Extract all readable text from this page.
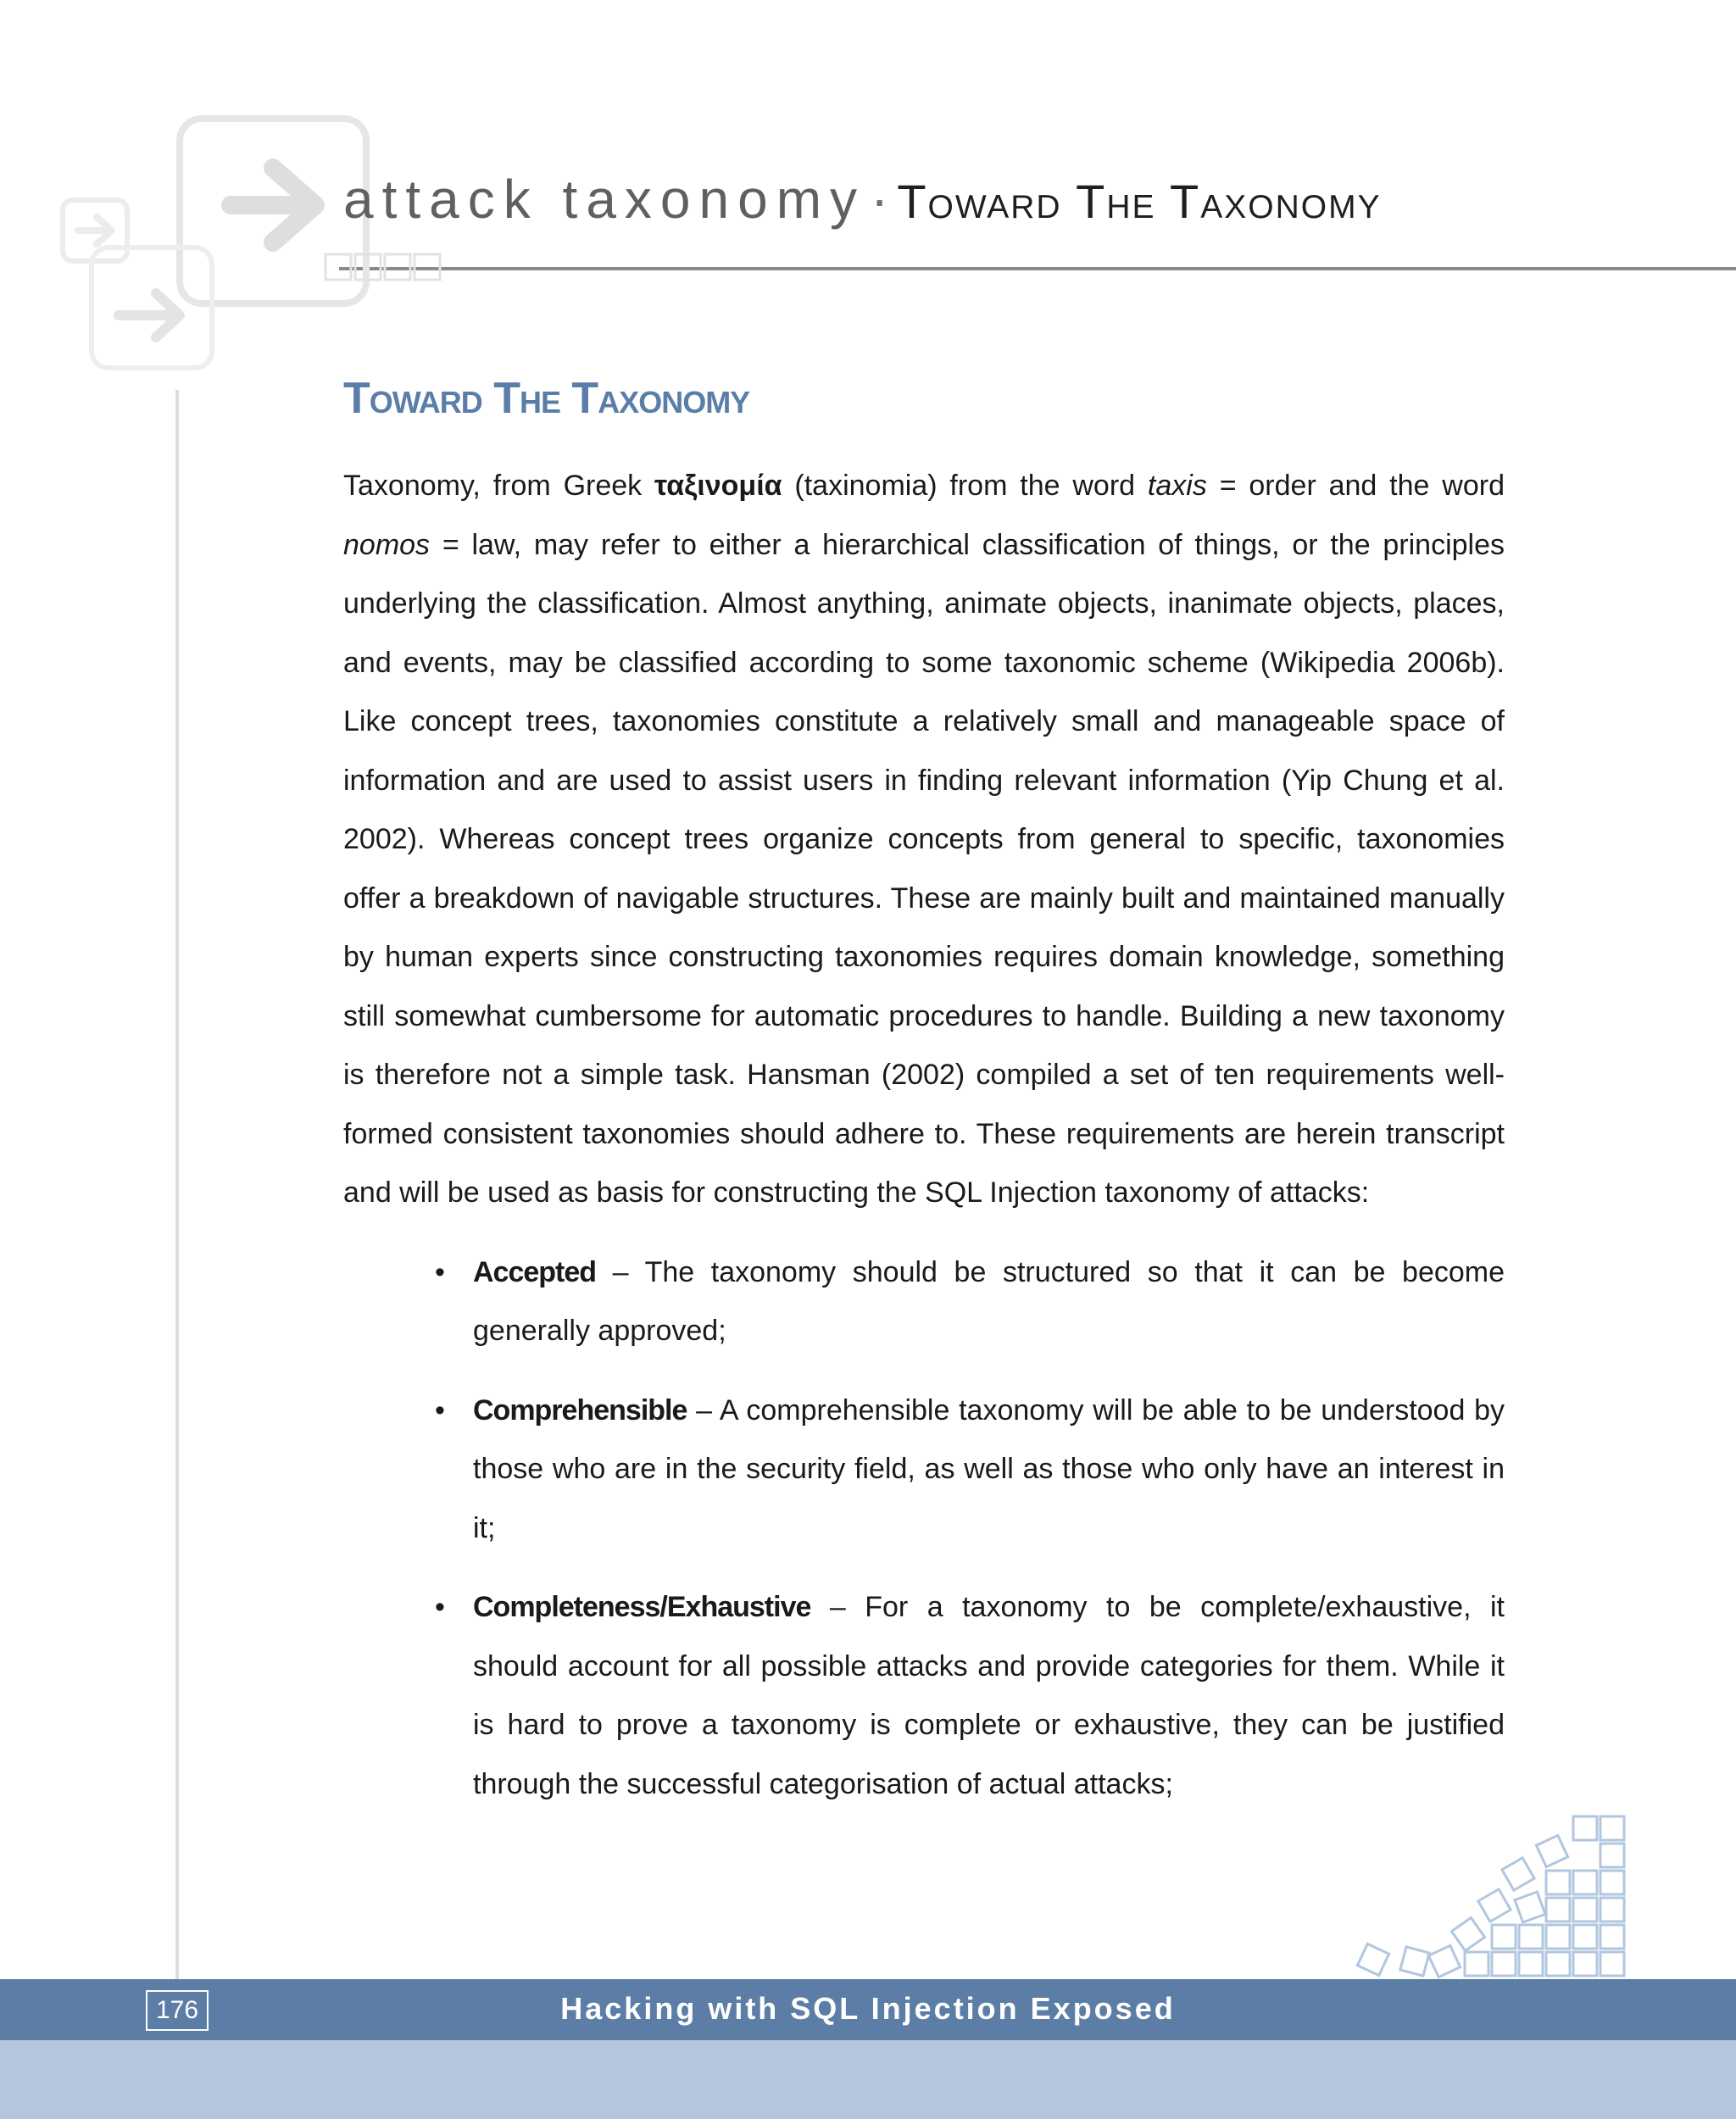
attack taxonomy· Toward The Taxonomy
Toward The Taxonomy

Taxonomy, from Greek ταξινομία (taxinomia) from the word taxis = order and the word nomos = law, may refer to either a hierarchical classification of things, or the principles underlying the classification. Almost anything, animate objects, inanimate objects, places, and events, may be classified according to some taxonomic scheme (Wikipedia 2006b). Like concept trees, taxonomies constitute a relatively small and manageable space of information and are used to assist users in finding relevant information (Yip Chung et al. 2002). Whereas concept trees organize concepts from general to specific, taxonomies offer a breakdown of navigable structures. These are mainly built and maintained manually by human experts since constructing taxonomies requires domain knowledge, something still somewhat cumbersome for automatic procedures to handle. Building a new taxonomy is therefore not a simple task. Hansman (2002) compiled a set of ten requirements well-formed consistent taxonomies should adhere to. These requirements are herein transcript and will be used as basis for constructing the SQL Injection taxonomy of attacks:

• Accepted – The taxonomy should be structured so that it can be become generally approved;
• Comprehensible – A comprehensible taxonomy will be able to be understood by those who are in the security field, as well as those who only have an interest in it;
• Completeness/Exhaustive – For a taxonomy to be complete/exhaustive, it should account for all possible attacks and provide categories for them. While it is hard to prove a taxonomy is complete or exhaustive, they can be justified through the successful categorisation of actual attacks;
176	Hacking with SQL Injection Exposed
